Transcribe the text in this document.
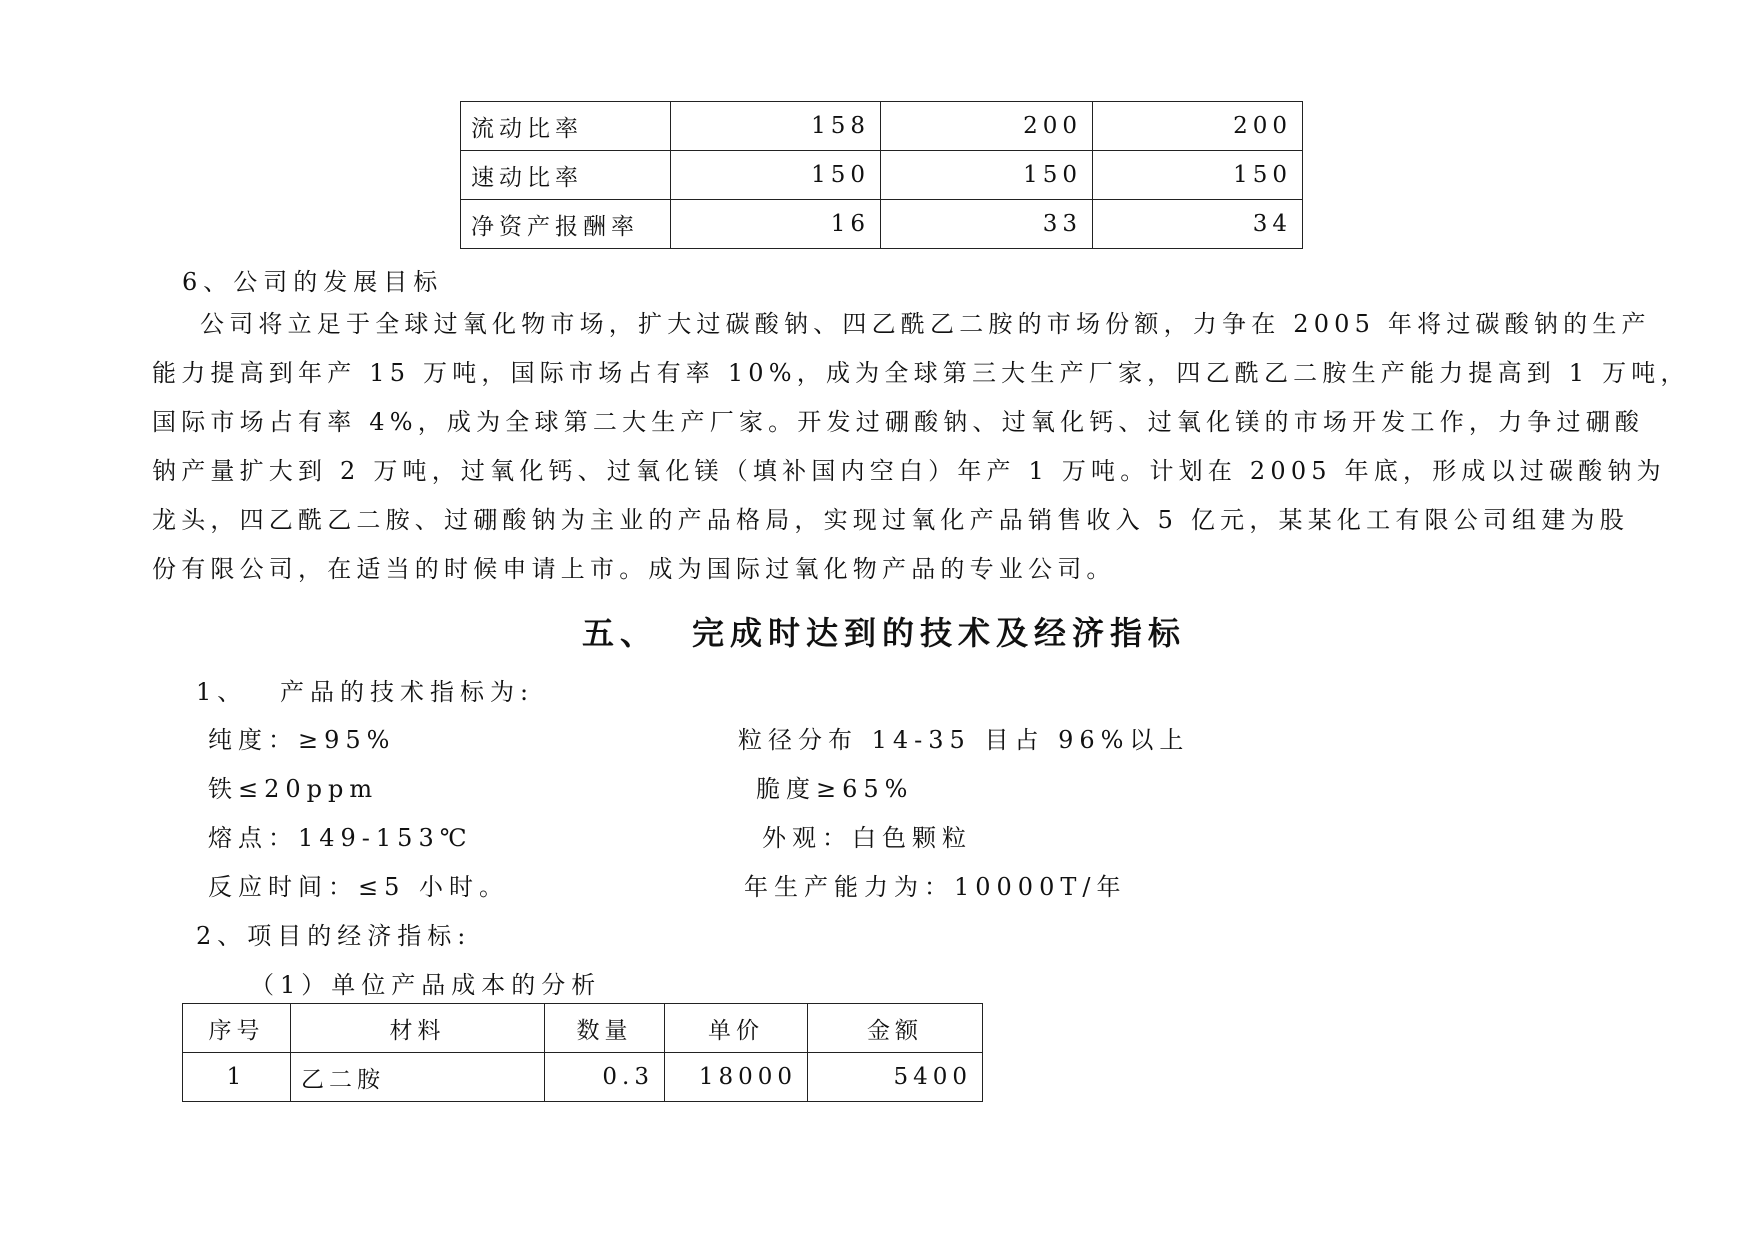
流动比率	158	200	200
速动比率	150	150	150
净资产报酬率	16	33	34
6、公司的发展目标

公司将立足于全球过氧化物市场，扩大过碳酸钠、四乙酰乙二胺的市场份额，力争在 2005 年将过碳酸钠的生产

能力提高到年产 15 万吨，国际市场占有率 10%，成为全球第三大生产厂家，四乙酰乙二胺生产能力提高到 1 万吨，

国际市场占有率 4%，成为全球第二大生产厂家。开发过硼酸钠、过氧化钙、过氧化镁的市场开发工作，力争过硼酸

钠产量扩大到 2 万吨，过氧化钙、过氧化镁（填补国内空白）年产 1 万吨。计划在 2005 年底，形成以过碳酸钠为

龙头，四乙酰乙二胺、过硼酸钠为主业的产品格局，实现过氧化产品销售收入 5 亿元，某某化工有限公司组建为股

份有限公司，在适当的时候申请上市。成为国际过氧化物产品的专业公司。

五、 完成时达到的技术及经济指标
1、 产品的技术指标为:
纯度：≥95%	粒径分布 14-35 目占 96%以上
铁≤20ppm	脆度≥65%
熔点：149-153℃	外观：白色颗粒
反应时间：≤5 小时。	年生产能力为：10000T/年
2、项目的经济指标:
（1）单位产品成本的分析
序号	材料	数量	单价	金额
1	乙二胺	0.3	18000	5400
